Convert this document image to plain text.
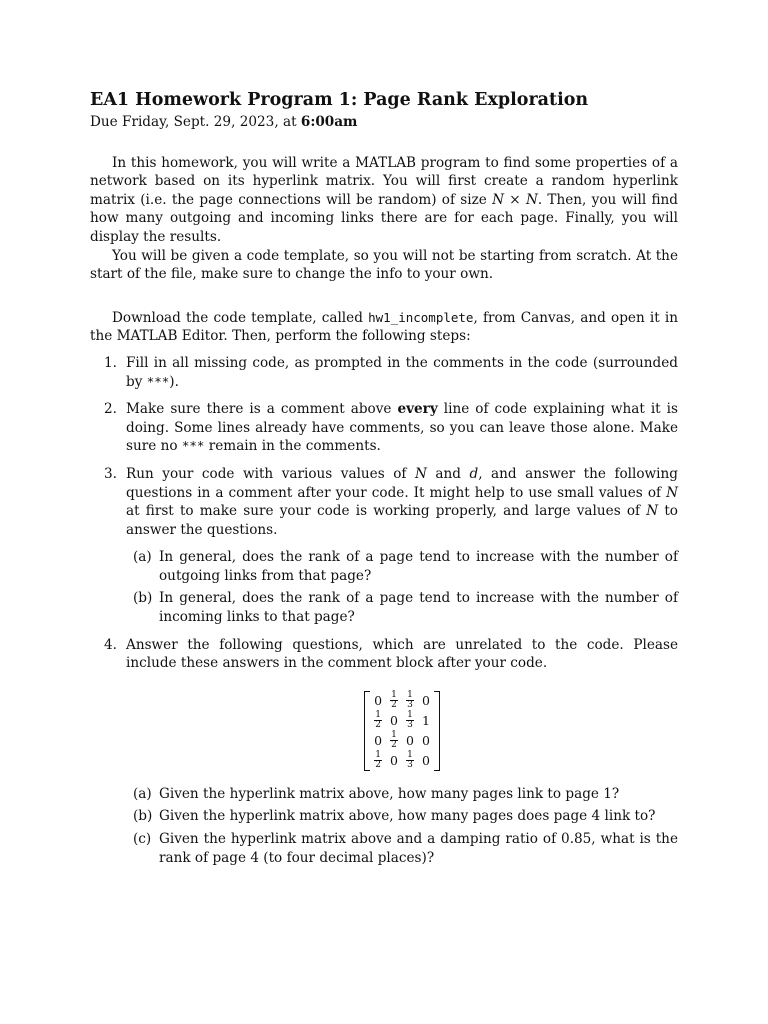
EA1 Homework Program 1: Page Rank Exploration

Due Friday, Sept. 29, 2023, at 6:00am

In this homework, you will write a MATLAB program to find some properties of a network based on its hyperlink matrix. You will first create a random hyperlink matrix (i.e. the page connections will be random) of size N × N. Then, you will find how many outgoing and incoming links there are for each page. Finally, you will display the results.

You will be given a code template, so you will not be starting from scratch. At the start of the file, make sure to change the info to your own.

Download the code template, called hw1_incomplete, from Canvas, and open it in the MATLAB Editor. Then, perform the following steps:

1. Fill in all missing code, as prompted in the comments in the code (surrounded by ***).
2. Make sure there is a comment above every line of code explaining what it is doing. Some lines already have comments, so you can leave those alone. Make sure no *** remain in the comments.
3. Run your code with various values of N and d, and answer the following questions in a comment after your code. It might help to use small values of N at first to make sure your code is working properly, and large values of N to answer the questions.
(a) In general, does the rank of a page tend to increase with the number of outgoing links from that page?
(b) In general, does the rank of a page tend to increase with the number of incoming links to that page?
4. Answer the following questions, which are unrelated to the code. Please include these answers in the comment block after your code.
0	$\frac{1}{2}$	$\frac{1}{3}$	0

$\frac{1}{2}$	0	$\frac{1}{3}$	1
0	$\frac{1}{2}$	0	0

$\frac{1}{2}$	0	$\frac{1}{3}$	0
(a) Given the hyperlink matrix above, how many pages link to page 1?
(b) Given the hyperlink matrix above, how many pages does page 4 link to?
(c) Given the hyperlink matrix above and a damping ratio of 0.85, what is the rank of page 4 (to four decimal places)?
